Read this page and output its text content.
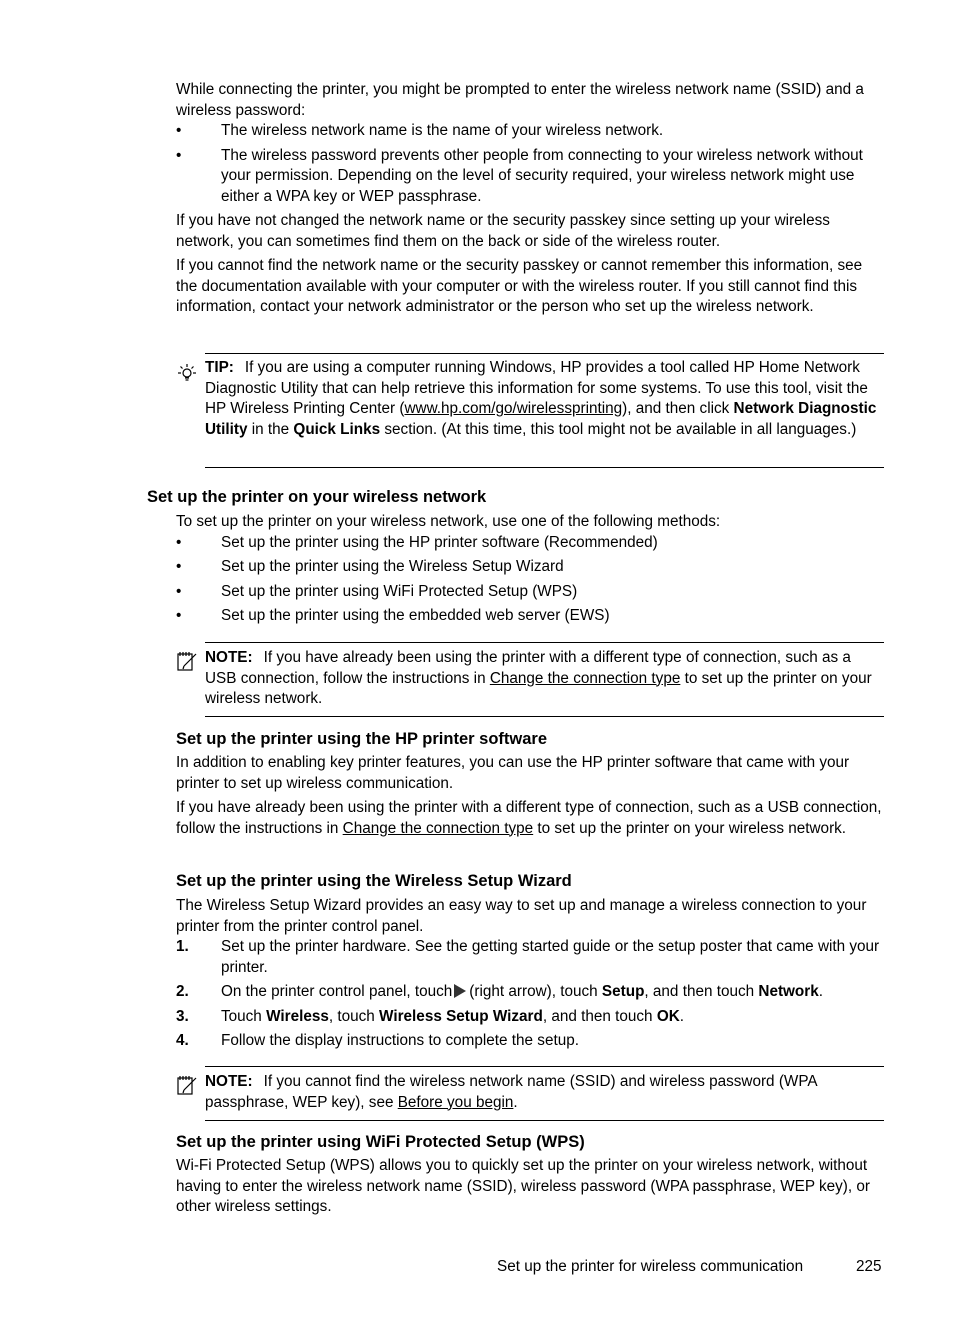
While connecting the printer, you might be prompted to enter the wireless network name (SSID) and a wireless password:

•	The wireless network name is the name of your wireless network.
•	The wireless password prevents other people from connecting to your wireless network without your permission. Depending on the level of security required, your wireless network might use either a WPA key or WEP passphrase.

If you have not changed the network name or the security passkey since setting up your wireless network, you can sometimes find them on the back or side of the wireless router.

If you cannot find the network name or the security passkey or cannot remember this information, see the documentation available with your computer or with the wireless router. If you still cannot find this information, contact your network administrator or the person who set up the wireless network.

TIP: If you are using a computer running Windows, HP provides a tool called HP Home Network Diagnostic Utility that can help retrieve this information for some systems. To use this tool, visit the HP Wireless Printing Center (www.hp.com/go/wirelessprinting), and then click Network Diagnostic Utility in the Quick Links section. (At this time, this tool might not be available in all languages.)
Set up the printer on your wireless network

To set up the printer on your wireless network, use one of the following methods:

•	Set up the printer using the HP printer software (Recommended)
•	Set up the printer using the Wireless Setup Wizard
•	Set up the printer using WiFi Protected Setup (WPS)
•	Set up the printer using the embedded web server (EWS)
NOTE: If you have already been using the printer with a different type of connection, such as a USB connection, follow the instructions in Change the connection type to set up the printer on your wireless network.
Set up the printer using the HP printer software

In addition to enabling key printer features, you can use the HP printer software that came with your printer to set up wireless communication.

If you have already been using the printer with a different type of connection, such as a USB connection, follow the instructions in Change the connection type to set up the printer on your wireless network.

Set up the printer using the Wireless Setup Wizard

The Wireless Setup Wizard provides an easy way to set up and manage a wireless connection to your printer from the printer control panel.

1. Set up the printer hardware. See the getting started guide or the setup poster that came with your printer.
2. On the printer control panel, touch (right arrow), touch Setup, and then touch Network.
3. Touch Wireless, touch Wireless Setup Wizard, and then touch OK.
4. Follow the display instructions to complete the setup.
NOTE: If you cannot find the wireless network name (SSID) and wireless password (WPA passphrase, WEP key), see Before you begin.
Set up the printer using WiFi Protected Setup (WPS)

Wi-Fi Protected Setup (WPS) allows you to quickly set up the printer on your wireless network, without having to enter the wireless network name (SSID), wireless password (WPA passphrase, WEP key), or other wireless settings.

Set up the printer for wireless communication	225
